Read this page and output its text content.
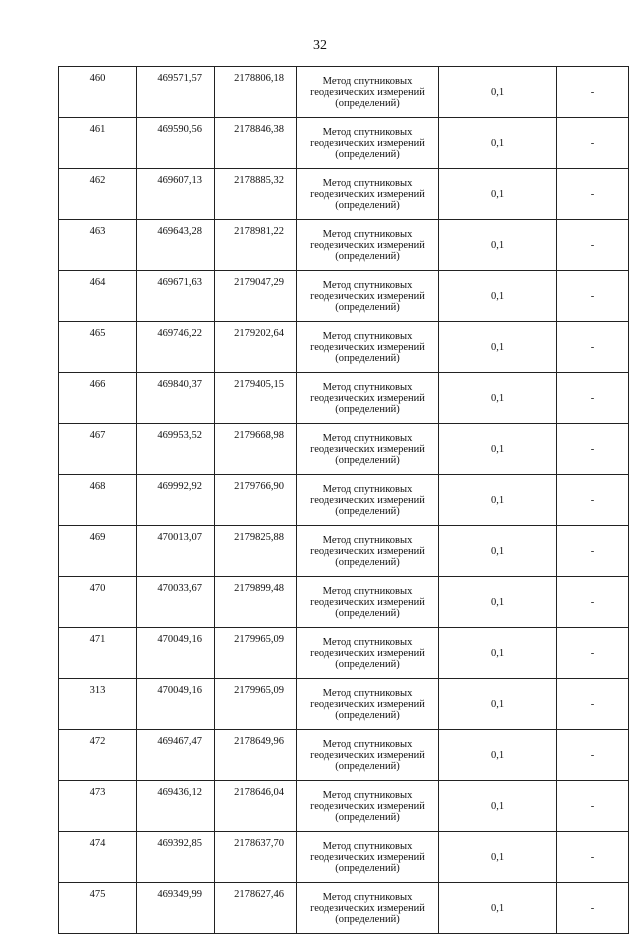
32
460	469571,57	2178806,18	Метод спутниковых
геодезических измерений
(определений)	0,1	-
461	469590,56	2178846,38	Метод спутниковых
геодезических измерений
(определений)	0,1	-
462	469607,13	2178885,32	Метод спутниковых
геодезических измерений
(определений)	0,1	-
463	469643,28	2178981,22	Метод спутниковых
геодезических измерений
(определений)	0,1	-
464	469671,63	2179047,29	Метод спутниковых
геодезических измерений
(определений)	0,1	-
465	469746,22	2179202,64	Метод спутниковых
геодезических измерений
(определений)	0,1	-
466	469840,37	2179405,15	Метод спутниковых
геодезических измерений
(определений)	0,1	-
467	469953,52	2179668,98	Метод спутниковых
геодезических измерений
(определений)	0,1	-
468	469992,92	2179766,90	Метод спутниковых
геодезических измерений
(определений)	0,1	-
469	470013,07	2179825,88	Метод спутниковых
геодезических измерений
(определений)	0,1	-
470	470033,67	2179899,48	Метод спутниковых
геодезических измерений
(определений)	0,1	-
471	470049,16	2179965,09	Метод спутниковых
геодезических измерений
(определений)	0,1	-
313	470049,16	2179965,09	Метод спутниковых
геодезических измерений
(определений)	0,1	-
472	469467,47	2178649,96	Метод спутниковых
геодезических измерений
(определений)	0,1	-
473	469436,12	2178646,04	Метод спутниковых
геодезических измерений
(определений)	0,1	-
474	469392,85	2178637,70	Метод спутниковых
геодезических измерений
(определений)	0,1	-
475	469349,99	2178627,46	Метод спутниковых
геодезических измерений
(определений)	0,1	-
